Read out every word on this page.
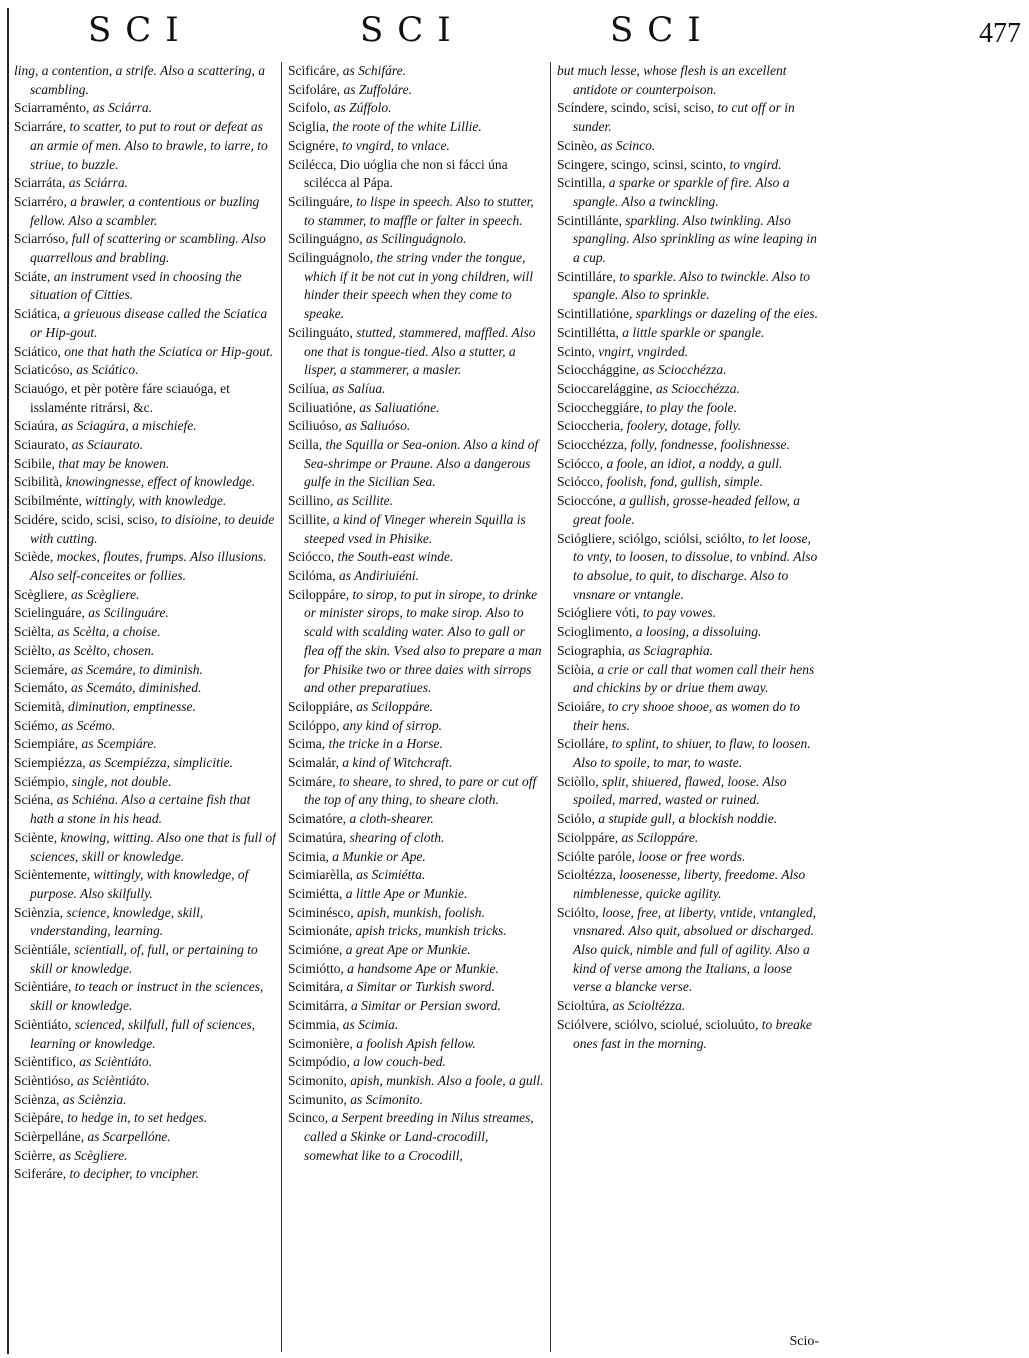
SCI	SCI	SCI	477

ling, a contention, a strife. Also a scattering, a scambling.

Sciarraménto, as Sciárra.

Sciarráre, to scatter, to put to rout or defeat as an armie of men. Also to brawle, to iarre, to striue, to buzzle.

Sciarráta, as Sciárra.

Sciarréro, a brawler, a contentious or buzling fellow. Also a scambler.

Sciarróso, full of scattering or scambling. Also quarrellous and brabling.

Sciáte, an instrument vsed in choosing the situation of Citties.

Sciática, a grieuous disease called the Sciatica or Hip-gout.

Sciático, one that hath the Sciatica or Hip-gout.

Sciaticóso, as Sciático.

Sciauógo, et pèr potère fáre sciauóga, et isslaménte ritrársi, &c.

Sciaúra, as Sciagúra, a mischiefe.

Sciaurato, as Sciaurato.

Scibile, that may be knowen.

Scibilità, knowingnesse, effect of knowledge.

Scibilménte, wittingly, with knowledge.

Scidére, scido, scisi, sciso, to disioine, to deuide with cutting.

Sciède, mockes, floutes, frumps. Also illusions. Also self-conceites or follies.

Scègliere, as Scègliere.

Scielinguáre, as Scilinguáre.

Scièlta, as Scèlta, a choise.

Scièlto, as Scèlto, chosen.

Sciemáre, as Scemáre, to diminish.

Sciemáto, as Scemáto, diminished.

Sciemità, diminution, emptinesse.

Sciémo, as Scémo.

Sciempiáre, as Scempiáre.

Sciempiézza, as Scempiézza, simplicitie.

Sciémpio, single, not double.

Sciéna, as Schiéna. Also a certaine fish that hath a stone in his head.

Sciènte, knowing, witting. Also one that is full of sciences, skill or knowledge.

Scièntemente, wittingly, with knowledge, of purpose. Also skilfully.

Sciènzia, science, knowledge, skill, vnderstanding, learning.

Scièntiále, scientiall, of, full, or pertaining to skill or knowledge.

Scièntiáre, to teach or instruct in the sciences, skill or knowledge.

Scièntiáto, scienced, skilfull, full of sciences, learning or knowledge.

Scièntifico, as Scièntiáto.

Scièntióso, as Scièntiáto.

Sciènza, as Sciènzia.

Scièpáre, to hedge in, to set hedges.

Scièrpelláne, as Scarpellóne.

Scièrre, as Scègliere.

Sciferáre, to decipher, to vncipher.

Scificáre, as Schifáre.

Scifoláre, as Zuffoláre.

Scifolo, as Zúffolo.

Sciglia, the roote of the white Lillie.

Scignére, to vngird, to vnlace.

Scilécca, Dio uóglia che non si fácci úna scilécca al Pápa.

Scilinguáre, to lispe in speech. Also to stutter, to stammer, to maffle or falter in speech.

Scilinguágno, as Scilinguágnolo.

Scilinguágnolo, the string vnder the tongue, which if it be not cut in yong children, will hinder their speech when they come to speake.

Scilinguáto, stutted, stammered, maffled. Also one that is tongue-tied. Also a stutter, a lisper, a stammerer, a masler.

Scilíua, as Salíua.

Sciliuatióne, as Saliuatióne.

Sciliuóso, as Saliuóso.

Scilla, the Squilla or Sea-onion. Also a kind of Sea-shrimpe or Praune. Also a dangerous gulfe in the Sicilian Sea.

Scillino, as Scillite.

Scillite, a kind of Vineger wherein Squilla is steeped vsed in Phisike.

Sciócco, the South-east winde.

Scilóma, as Andiriuiéni.

Sciloppáre, to sirop, to put in sirope, to drinke or minister sirops, to make sirop. Also to scald with scalding water. Also to gall or flea off the skin. Vsed also to prepare a man for Phisike two or three daies with sirrops and other preparatiues.

Sciloppiáre, as Sciloppáre.

Scilóppo, any kind of sirrop.

Scima, the tricke in a Horse.

Scimalár, a kind of Witchcraft.

Scimáre, to sheare, to shred, to pare or cut off the top of any thing, to sheare cloth.

Scimatóre, a cloth-shearer.

Scimatúra, shearing of cloth.

Scimia, a Munkie or Ape.

Scimiarèlla, as Scimiétta.

Scimiétta, a little Ape or Munkie.

Sciminésco, apish, munkish, foolish.

Scimionáte, apish tricks, munkish tricks.

Scimióne, a great Ape or Munkie.

Scimiótto, a handsome Ape or Munkie.

Scimitára, a Simitar or Turkish sword.

Scimitárra, a Simitar or Persian sword.

Scimmia, as Scimia.

Scimonière, a foolish Apish fellow.

Scimpódio, a low couch-bed.

Scimonito, apish, munkish. Also a foole, a gull.

Scimunito, as Scimonito.

Scinco, a Serpent breeding in Nilus streames, called a Skinke or Land-crocodill, somewhat like to a Crocodill,

but much lesse, whose flesh is an excellent antidote or counterpoison.

Scíndere, scindo, scisi, sciso, to cut off or in sunder.

Scinèo, as Scinco.

Scingere, scingo, scinsi, scinto, to vngird.

Scintilla, a sparke or sparkle of fire. Also a spangle. Also a twinckling.

Scintillánte, sparkling. Also twinkling. Also spangling. Also sprinkling as wine leaping in a cup.

Scintilláre, to sparkle. Also to twinckle. Also to spangle. Also to sprinkle.

Scintillatióne, sparklings or dazeling of the eies.

Scintillétta, a little sparkle or spangle.

Scinto, vngirt, vngirded.

Sciocchággine, as Sciocchézza.

Scioccarelággine, as Sciocchézza.

Scioccheggiáre, to play the foole.

Scioccheria, foolery, dotage, folly.

Sciocchézza, folly, fondnesse, foolishnesse.

Sciócco, a foole, an idiot, a noddy, a gull.

Sciócco, foolish, fond, gullish, simple.

Scioccóne, a gullish, grosse-headed fellow, a great foole.

Sciógliere, sciólgo, sciólsi, sciólto, to let loose, to vnty, to loosen, to dissolue, to vnbind. Also to absolue, to quit, to discharge. Also to vnsnare or vntangle.

Sciógliere vóti, to pay vowes.

Scioglimento, a loosing, a dissoluing.

Sciographia, as Sciagraphia.

Sciòia, a crie or call that women call their hens and chickins by or driue them away.

Scioiáre, to cry shooe shooe, as women do to their hens.

Sciolláre, to splint, to shiuer, to flaw, to loosen. Also to spoile, to mar, to waste.

Sciòllo, split, shiuered, flawed, loose. Also spoiled, marred, wasted or ruined.

Sciólo, a stupide gull, a blockish noddie.

Sciolppáre, as Sciloppáre.

Sciólte paróle, loose or free words.

Scioltézza, loosenesse, liberty, freedome. Also nimblenesse, quicke agility.

Sciólto, loose, free, at liberty, vntide, vntangled, vnsnared. Also quit, absolued or discharged. Also quick, nimble and full of agility. Also a kind of verse among the Italians, a loose verse a blancke verse.

Scioltúra, as Scioltézza.

Sciólvere, sciólvo, sciolué, scioluúto, to breake ones fast in the morning.

Scio-
